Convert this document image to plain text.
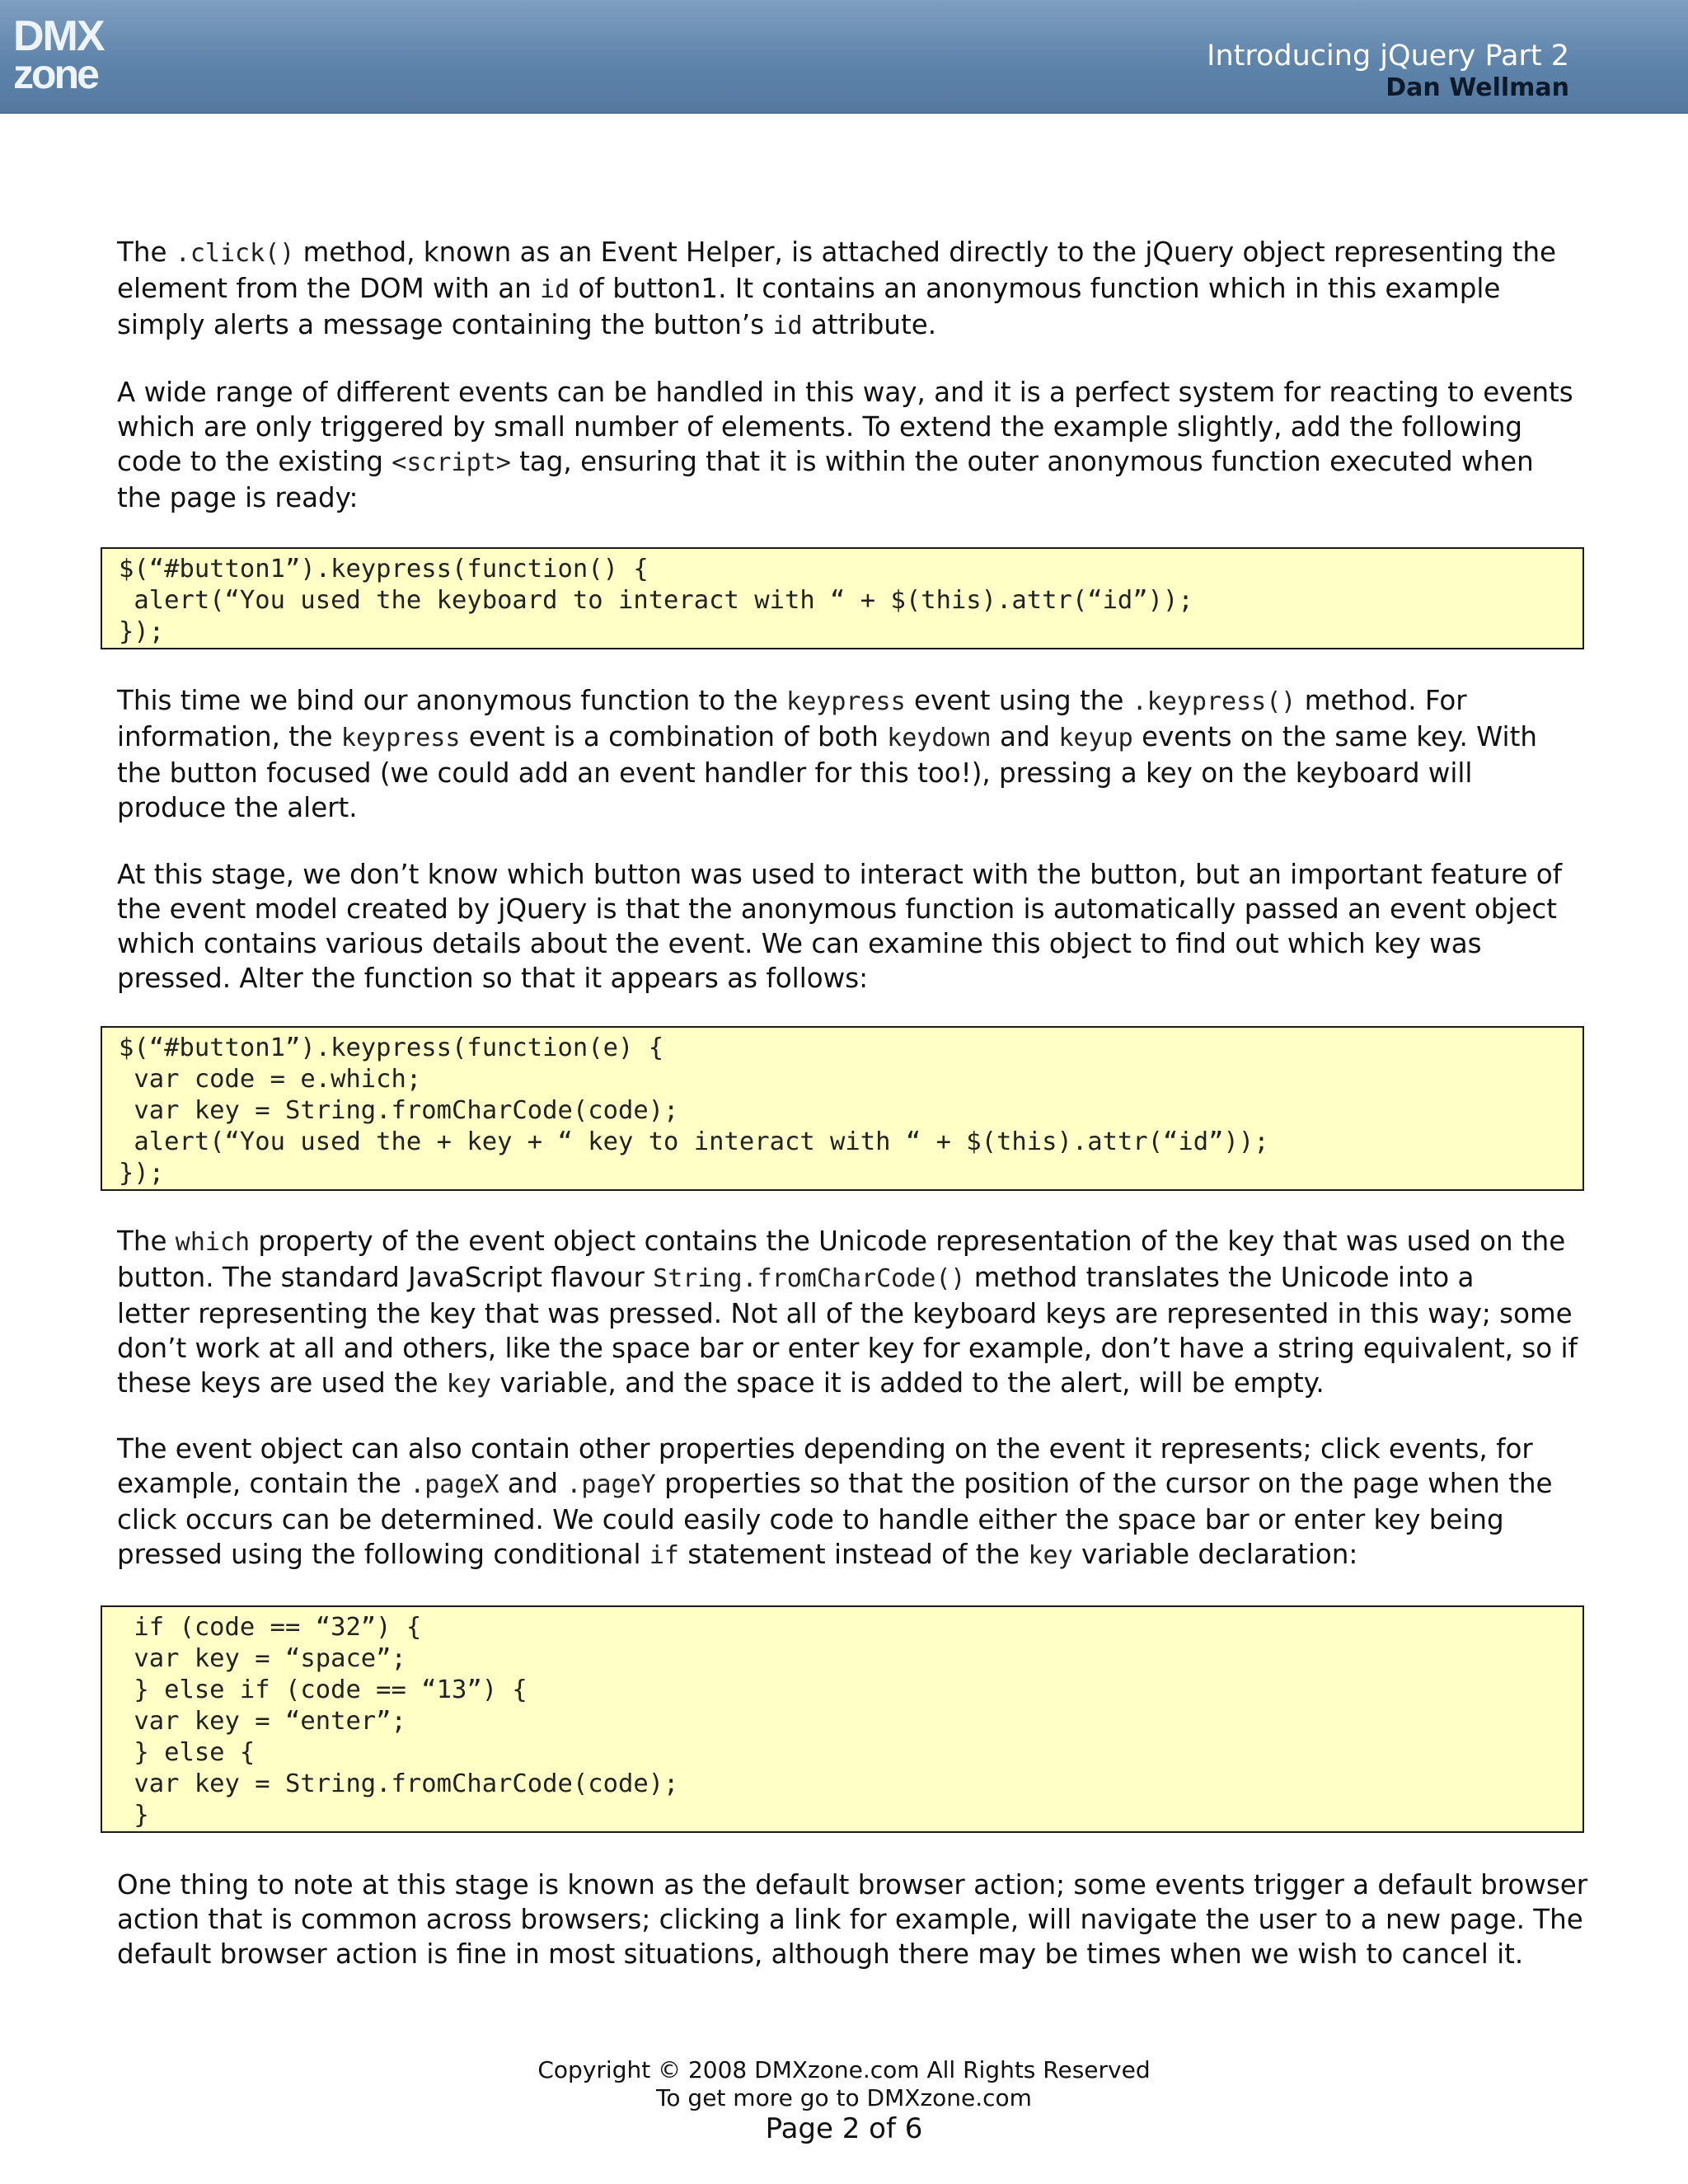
DMX
zone	Introducing jQuery Part 2
Dan Wellman
The .click() method, known as an Event Helper, is attached directly to the jQuery object representing the
element from the DOM with an id of button1. It contains an anonymous function which in this example
simply alerts a message containing the button’s id attribute.
A wide range of different events can be handled in this way, and it is a perfect system for reacting to events
which are only triggered by small number of elements. To extend the example slightly, add the following
code to the existing <script> tag, ensuring that it is within the outer anonymous function executed when
the page is ready:
$(“#button1”).keypress(function() {
alert(“You used the keyboard to interact with “ + $(this).attr(“id”));
});
This time we bind our anonymous function to the keypress event using the .keypress() method. For
information, the keypress event is a combination of both keydown and keyup events on the same key. With
the button focused (we could add an event handler for this too!), pressing a key on the keyboard will
produce the alert.
At this stage, we don’t know which button was used to interact with the button, but an important feature of
the event model created by jQuery is that the anonymous function is automatically passed an event object
which contains various details about the event. We can examine this object to find out which key was
pressed. Alter the function so that it appears as follows:
$(“#button1”).keypress(function(e) {
var code = e.which;
var key = String.fromCharCode(code);
alert(“You used the + key + “ key to interact with “ + $(this).attr(“id”));
});
The which property of the event object contains the Unicode representation of the key that was used on the
button. The standard JavaScript flavour String.fromCharCode() method translates the Unicode into a
letter representing the key that was pressed. Not all of the keyboard keys are represented in this way; some
don’t work at all and others, like the space bar or enter key for example, don’t have a string equivalent, so if
these keys are used the key variable, and the space it is added to the alert, will be empty.
The event object can also contain other properties depending on the event it represents; click events, for
example, contain the .pageX and .pageY properties so that the position of the cursor on the page when the
click occurs can be determined. We could easily code to handle either the space bar or enter key being
pressed using the following conditional if statement instead of the key variable declaration:
if (code == “32”) {
var key = “space”;
} else if (code == “13”) {
var key = “enter”;
} else {
var key = String.fromCharCode(code);
}
One thing to note at this stage is known as the default browser action; some events trigger a default browser
action that is common across browsers; clicking a link for example, will navigate the user to a new page. The
default browser action is fine in most situations, although there may be times when we wish to cancel it.
Copyright © 2008 DMXzone.com All Rights Reserved
To get more go to DMXzone.com
Page 2 of 6
